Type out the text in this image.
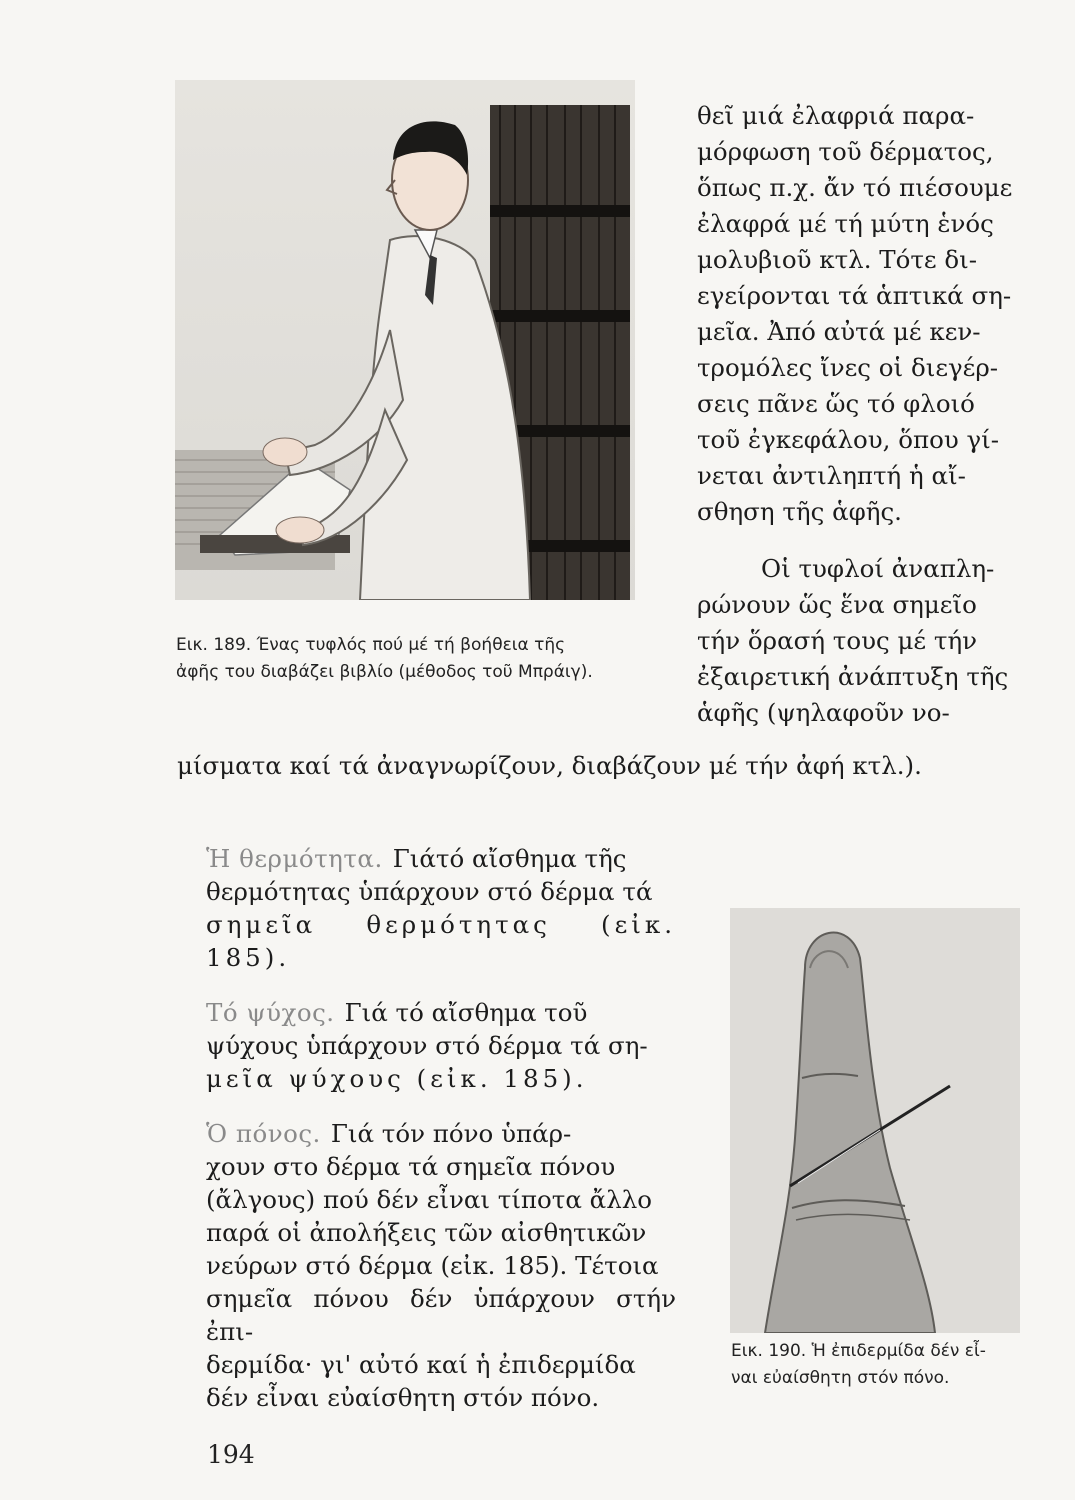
Εικ. 189. Ένας τυφλός πού μέ τή βοήθεια τῆς
ἀφῆς του διαβάζει βιβλίο (μέθοδος τοῦ Μπράιγ).

θεῖ μιά ἐλαφριά παρα-
μόρφωση τοῦ δέρματος,
ὅπως π.χ. ἄν τό πιέσουμε
ἐλαφρά μέ τή μύτη ἑνός
μολυβιοῦ κτλ. Τότε δι-
εγείρονται τά ἁπτικά ση-
μεῖα. Ἀπό αὐτά μέ κεν-
τρομόλες ἴνες οἱ διεγέρ-
σεις πᾶνε ὥς τό φλοιό
τοῦ ἐγκεφάλου, ὅπου γί-
νεται ἀντιληπτή ἡ αἴ-
σθηση τῆς ἁφῆς.

Οἱ τυφλοί ἀναπλη-
ρώνουν ὥς ἕνα σημεῖο
τήν ὅρασή τους μέ τήν
ἐξαιρετική ἀνάπτυξη τῆς
ἁφῆς (ψηλαφοῦν νο-

μίσματα καί τά ἀναγνωρίζουν, διαβάζουν μέ τήν ἀφή κτλ.).

Ἡ θερμότητα. Γιάτό αἴσθημα τῆς
θερμότητας ὑπάρχουν στό δέρμα τά
σημεῖα θερμότητας (εἰκ. 185).

Τό ψύχος. Γιά τό αἴσθημα τοῦ
ψύχους ὑπάρχουν στό δέρμα τά ση-
μεῖα ψύχους (εἰκ. 185).

Ὁ πόνος. Γιά τόν πόνο ὑπάρ-
χουν στο δέρμα τά σημεῖα πόνου
(ἄλγους) πού δέν εἶναι τίποτα ἄλλο
παρά οἱ ἀπολήξεις τῶν αἰσθητικῶν
νεύρων στό δέρμα (εἰκ. 185). Τέτοια
σημεῖα πόνου δέν ὑπάρχουν στήν ἐπι-
δερμίδα· γι' αὐτό καί ἡ ἐπιδερμίδα
δέν εἶναι εὐαίσθητη στόν πόνο.

Εικ. 190. Ἡ ἐπιδερμίδα δέν εἶ-
ναι εὐαίσθητη στόν πόνο.
194
